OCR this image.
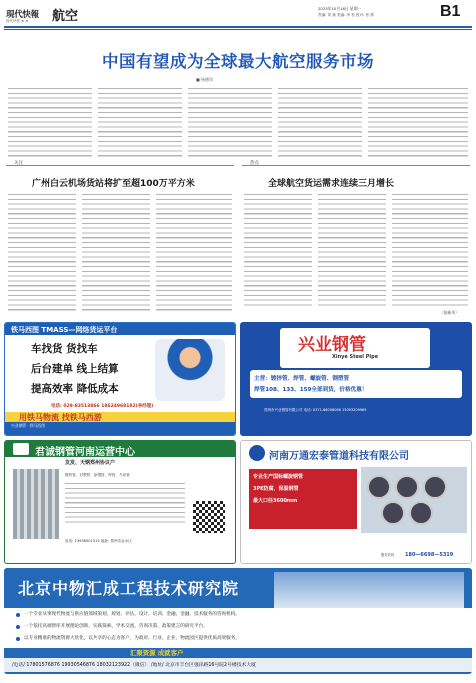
現代快報
现代快报 ★ ★ 航空
2023年10月16日 星期一
责编: 刘 斌 美编: 李 松 校对: 张 倩	B1
中国有望成为全球最大航空服务市场
■ 杨德玮
关注
广州白云机场货站将扩至超100万平方米
热点
全球航空货运需求连续三月增长
（据新华）
铁马西图 TMASS—网络货运平台
车找货 货找车
后台建单 线上结算
提高效率 降低成本
电话: 029-83513866 18624968182(李经理)
用铁马物流 找铁马西游
兴业钢管 · 铁马西图
兴业钢管
Xinye Steel Pipe
主营：镀锌管、焊管、螺旋管、钢塑管
焊管108、133、159全部到货，价格优惠！
郑州市兴业钢管有限公司 电话: 0371-66008096 15093209969
君诚钢管河南运营中心
友发、天钢郑州协议户
镀锌管、衬塑管、涂塑管、焊管、方矩管
电话: 13938501515 地址: 郑州市金水区
河南万通宏泰管道科技有限公司
专业生产国标螺旋钢管
3PE防腐、保温钢管
最大口径3600mm
服务热线 180—6698—5319
北京中物汇成工程技术研究院
一个专业从事现代物流与供应链领域策划、规划、评估、设计、培训、金融、金融、技术服务的咨询机构。
一个依托高端智库开展理论创新、实践探索、学术交流、咨询决策、政策建言的研究平台。
以专业精准的物流资源大优化，以共享的心态为客户，为政府、行业、企业、物流园区提供优质高效服务。
汇聚资源 成就客户
/电话/ 17801576876 19930546876 18032123922（微信） /地址/ 北京市丰台区强泽路16号院2号楼技术大厦
